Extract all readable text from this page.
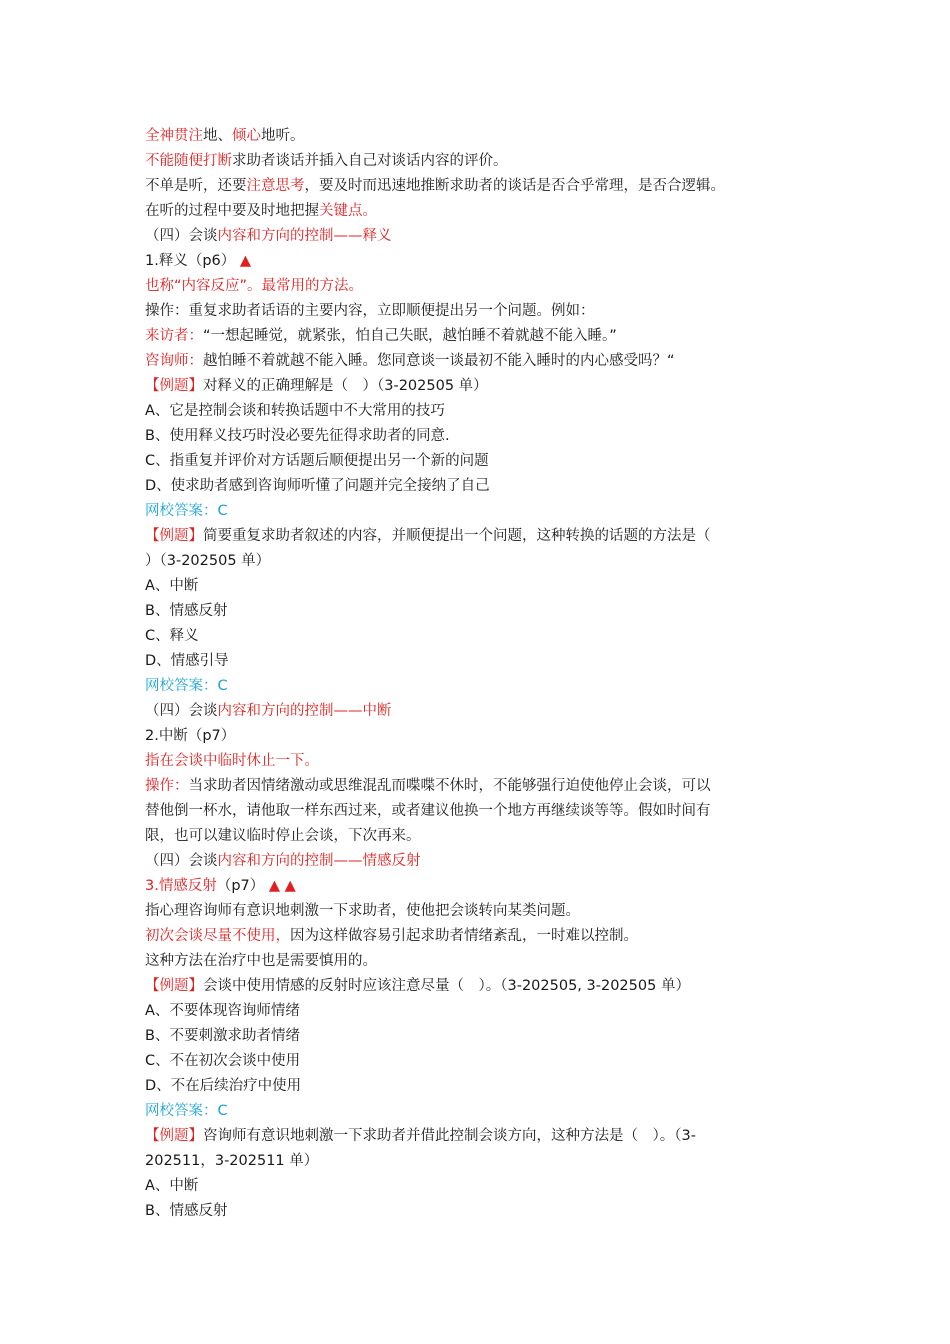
全神贯注地、倾心地听。
不能随便打断求助者谈话并插入自己对谈话内容的评价。
不单是听，还要注意思考，要及时而迅速地推断求助者的谈话是否合乎常理，是否合逻辑。
在听的过程中要及时地把握关键点。
（四）会谈内容和方向的控制——释义
1.释义（p6） ▲
也称“内容反应”。最常用的方法。
操作：重复求助者话语的主要内容，立即顺便提出另一个问题。例如：
来访者：“一想起睡觉，就紧张，怕自己失眠，越怕睡不着就越不能入睡。”
咨询师：越怕睡不着就越不能入睡。您同意谈一谈最初不能入睡时的内心感受吗？“
【例题】对释义的正确理解是（　）（3-202505 单）
A、它是控制会谈和转换话题中不大常用的技巧
B、使用释义技巧时没必要先征得求助者的同意.
C、指重复并评价对方话题后顺便提出另一个新的问题
D、使求助者感到咨询师听懂了问题并完全接纳了自己
网校答案：C
【例题】简要重复求助者叙述的内容，并顺便提出一个问题，这种转换的话题的方法是（
）（3-202505 单）
A、中断
B、情感反射
C、释义
D、情感引导
网校答案：C
（四）会谈内容和方向的控制——中断
2.中断（p7）
指在会谈中临时休止一下。
操作：当求助者因情绪激动或思维混乱而喋喋不休时，不能够强行迫使他停止会谈，可以
替他倒一杯水，请他取一样东西过来，或者建议他换一个地方再继续谈等等。假如时间有
限，也可以建议临时停止会谈，下次再来。
（四）会谈内容和方向的控制——情感反射
3.情感反射（p7） ▲ ▲
指心理咨询师有意识地刺激一下求助者，使他把会谈转向某类问题。
初次会谈尽量不使用，因为这样做容易引起求助者情绪紊乱，一时难以控制。
这种方法在治疗中也是需要慎用的。
【例题】会谈中使用情感的反射时应该注意尽量（　）。（3-202505, 3-202505 单）
A、不要体现咨询师情绪
B、不要刺激求助者情绪
C、不在初次会谈中使用
D、不在后续治疗中使用
网校答案：C
【例题】咨询师有意识地刺激一下求助者并借此控制会谈方向，这种方法是（　）。（3-
202511，3-202511 单）
A、中断
B、情感反射
